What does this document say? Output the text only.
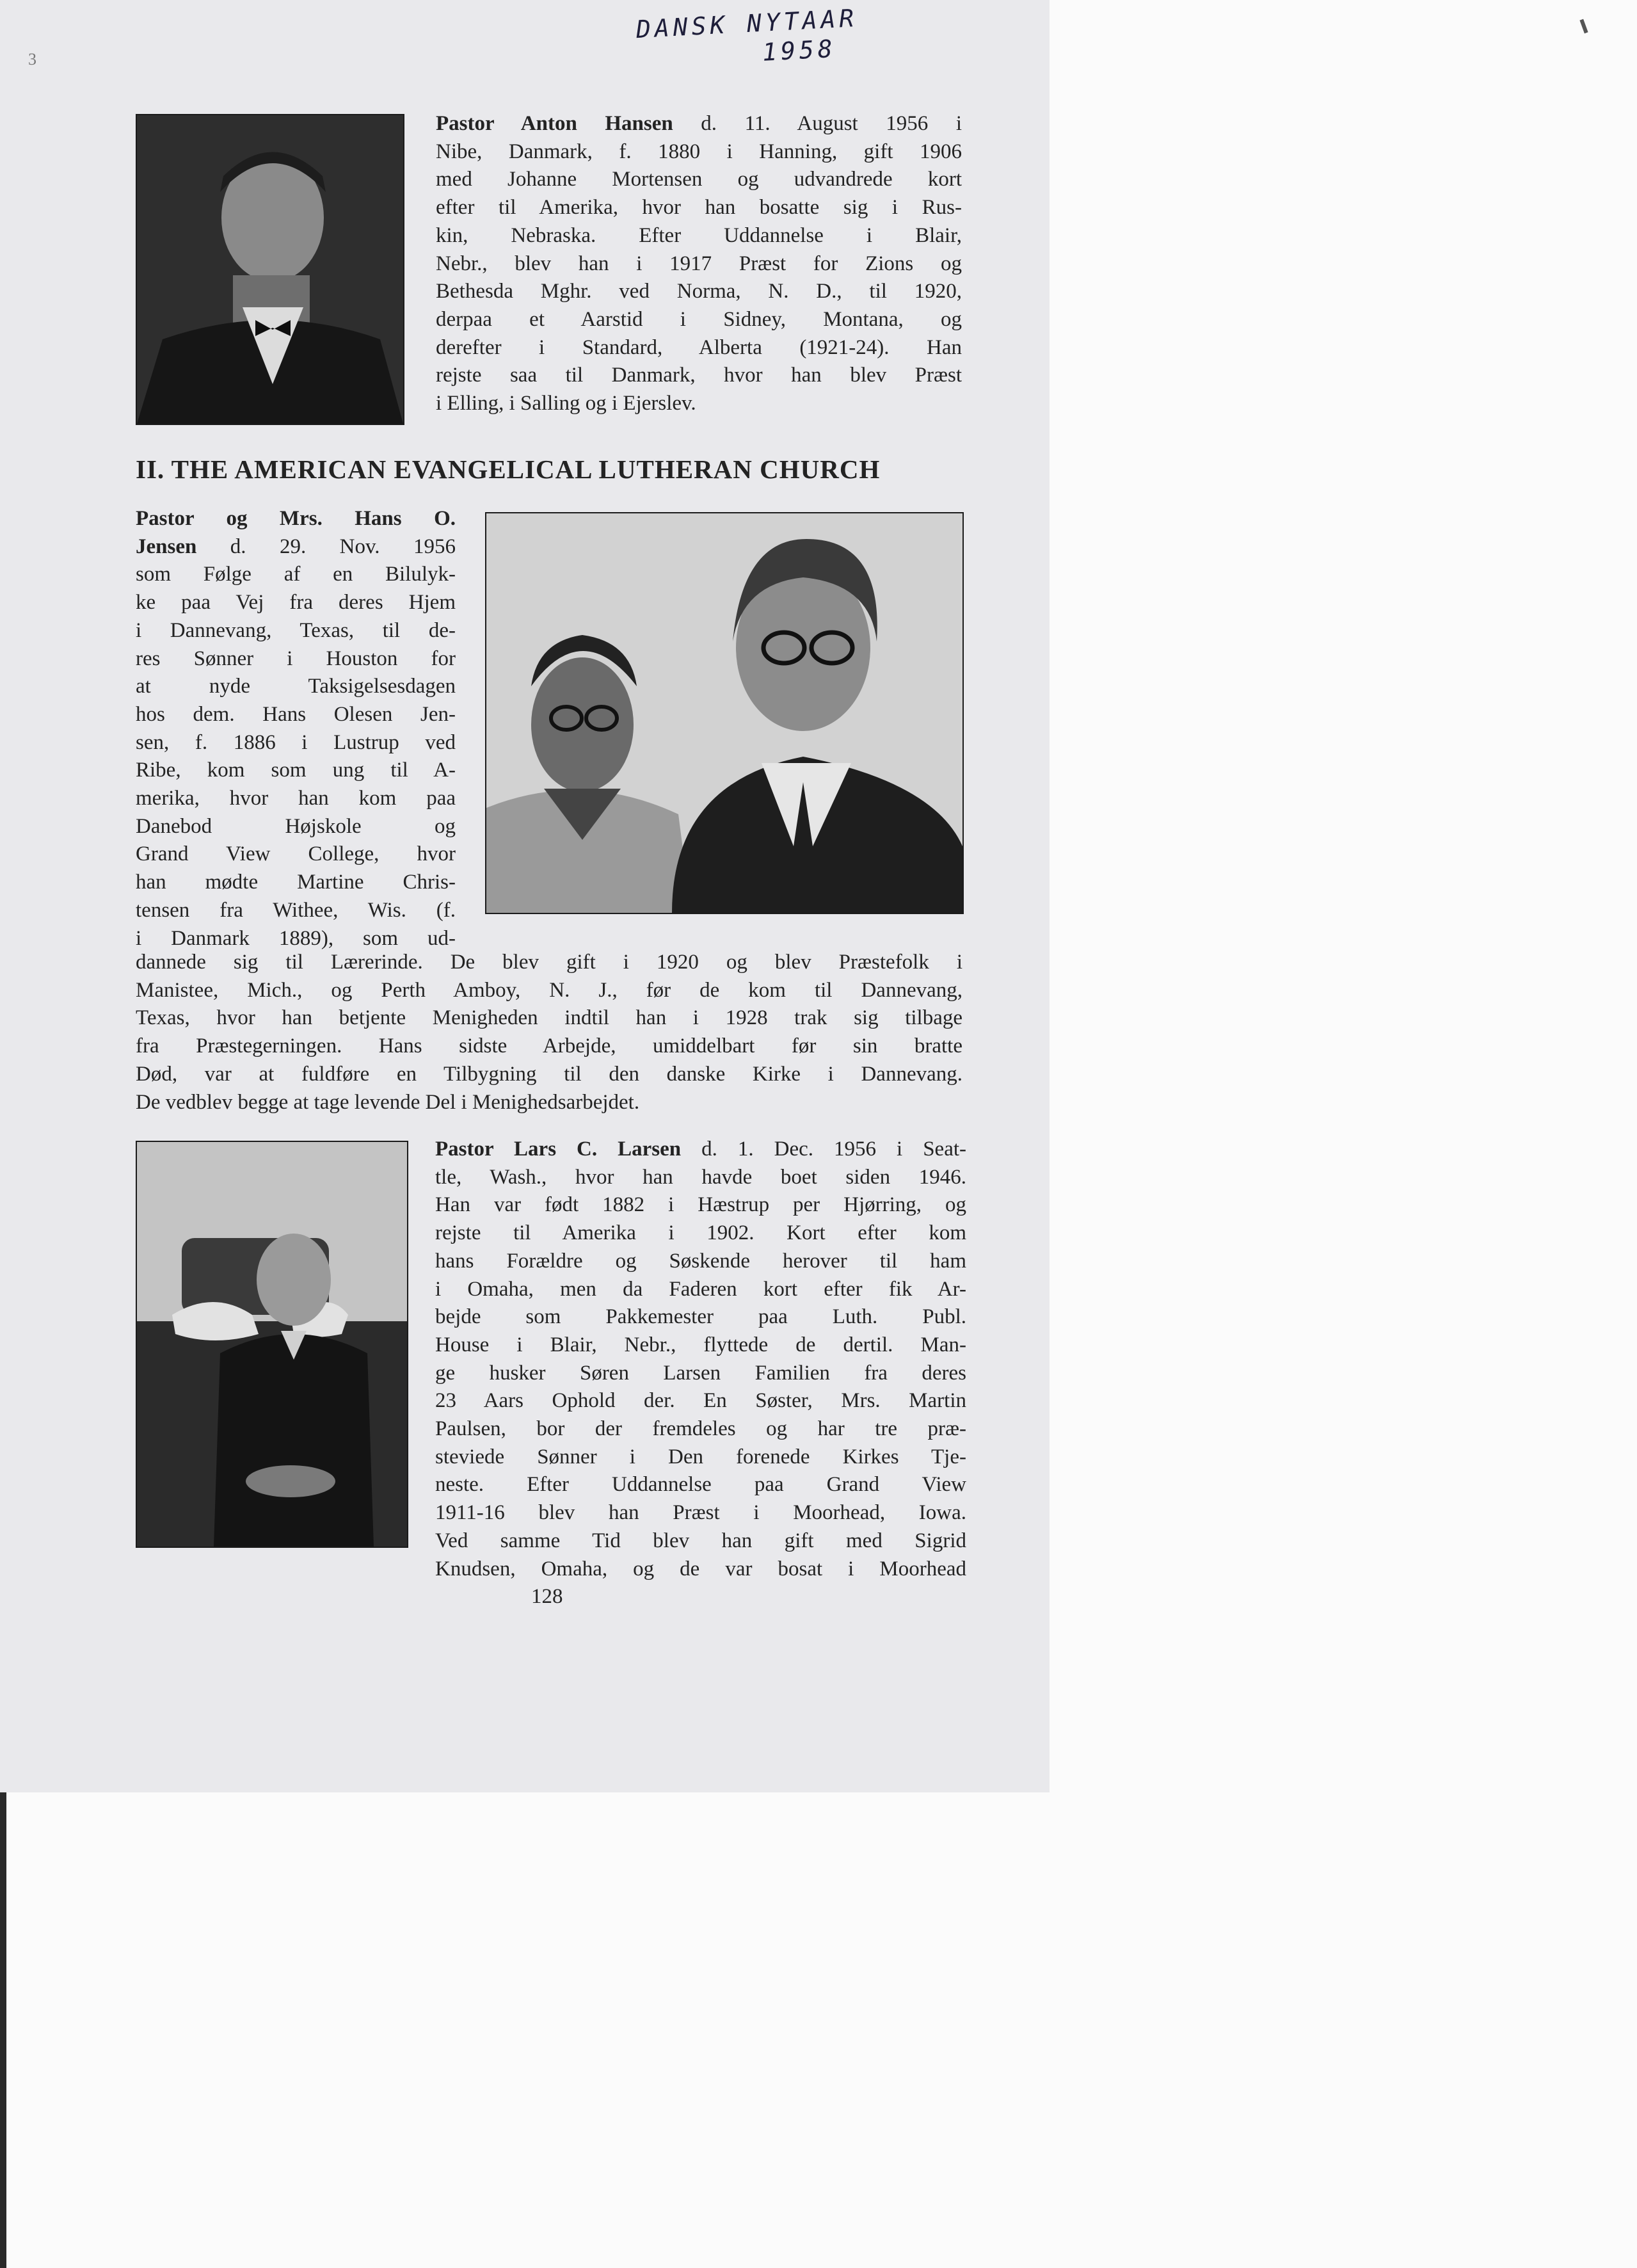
DANSK NYTAAR
1958
3
Pastor Anton Hansen d. 11. August 1956 i
Nibe, Danmark, f. 1880 i Hanning, gift 1906
med Johanne Mortensen og udvandrede kort
efter til Amerika, hvor han bosatte sig i Rus-
kin, Nebraska. Efter Uddannelse i Blair,
Nebr., blev han i 1917 Præst for Zions og
Bethesda Mghr. ved Norma, N. D., til 1920,
derpaa et Aarstid i Sidney, Montana, og
derefter i Standard, Alberta (1921-24). Han
rejste saa til Danmark, hvor han blev Præst
i Elling, i Salling og i Ejerslev.
II. THE AMERICAN EVANGELICAL LUTHERAN CHURCH
Pastor og Mrs. Hans O.
Jensen d. 29. Nov. 1956
som Følge af en Bilulyk-
ke paa Vej fra deres Hjem
i Dannevang, Texas, til de-
res Sønner i Houston for
at nyde Taksigelsesdagen
hos dem. Hans Olesen Jen-
sen, f. 1886 i Lustrup ved
Ribe, kom som ung til A-
merika, hvor han kom paa
Danebod Højskole og
Grand View College, hvor
han mødte Martine Chris-
tensen fra Withee, Wis. (f.
i Danmark 1889), som ud-
dannede sig til Lærerinde. De blev gift i 1920 og blev Præstefolk i
Manistee, Mich., og Perth Amboy, N. J., før de kom til Dannevang,
Texas, hvor han betjente Menigheden indtil han i 1928 trak sig tilbage
fra Præstegerningen. Hans sidste Arbejde, umiddelbart før sin bratte
Død, var at fuldføre en Tilbygning til den danske Kirke i Dannevang.
De vedblev begge at tage levende Del i Menighedsarbejdet.
Pastor Lars C. Larsen d. 1. Dec. 1956 i Seat-
tle, Wash., hvor han havde boet siden 1946.
Han var født 1882 i Hæstrup per Hjørring, og
rejste til Amerika i 1902. Kort efter kom
hans Forældre og Søskende herover til ham
i Omaha, men da Faderen kort efter fik Ar-
bejde som Pakkemester paa Luth. Publ.
House i Blair, Nebr., flyttede de dertil. Man-
ge husker Søren Larsen Familien fra deres
23 Aars Ophold der. En Søster, Mrs. Martin
Paulsen, bor der fremdeles og har tre præ-
steviede Sønner i Den forenede Kirkes Tje-
neste. Efter Uddannelse paa Grand View
1911-16 blev han Præst i Moorhead, Iowa.
Ved samme Tid blev han gift med Sigrid
Knudsen, Omaha, og de var bosat i Moorhead

128
